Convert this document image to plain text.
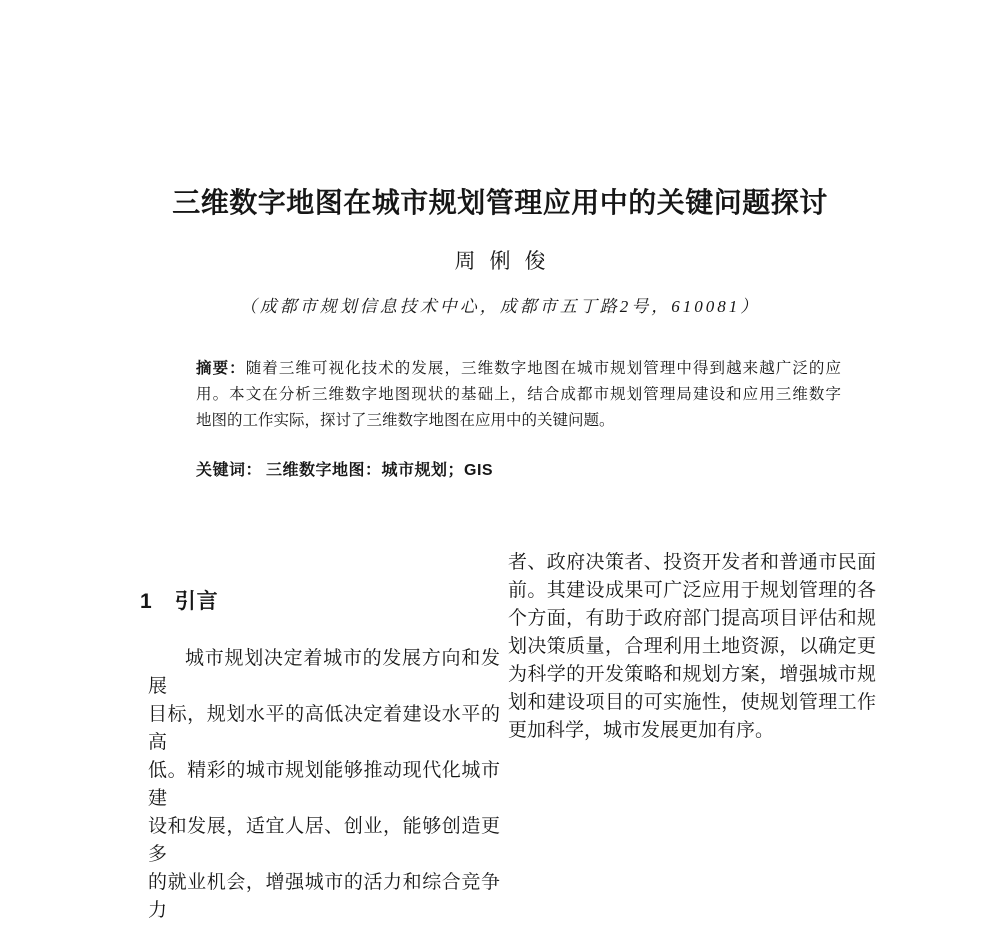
三维数字地图在城市规划管理应用中的关键问题探讨
周俐俊
（成都市规划信息技术中心，成都市五丁路2号，610081）
摘要：随着三维可视化技术的发展，三维数字地图在城市规划管理中得到越来越广泛的应
用。本文在分析三维数字地图现状的基础上，结合成都市规划管理局建设和应用三维数字
地图的工作实际，探讨了三维数字地图在应用中的关键问题。
关键词： 三维数字地图：城市规划；GIS
1 引言
城市规划决定着城市的发展方向和发展
目标，规划水平的高低决定着建设水平的高
低。精彩的城市规划能够推动现代化城市建
设和发展，适宜人居、创业，能够创造更多
的就业机会，增强城市的活力和综合竞争力
者、政府决策者、投资开发者和普通市民面
前。其建设成果可广泛应用于规划管理的各
个方面，有助于政府部门提高项目评估和规
划决策质量，合理利用土地资源，以确定更
为科学的开发策略和规划方案，增强城市规
划和建设项目的可实施性，使规划管理工作
更加科学，城市发展更加有序。
